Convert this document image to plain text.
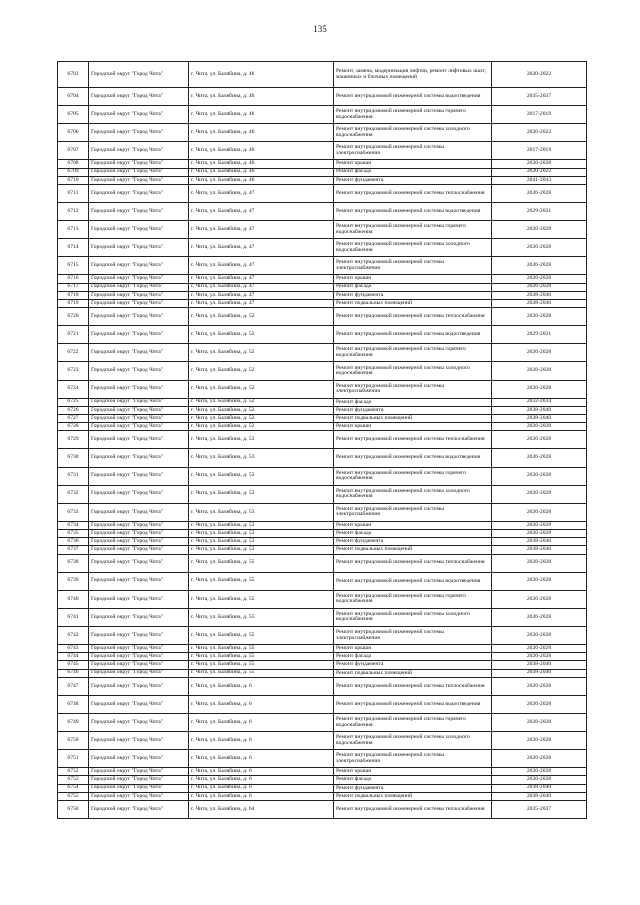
135
6703	Городской округ "Город Чита"	г. Чита, ул. Балябина, д. 46	Ремонт, замена, модернизация лифтов, ремонт лифтовых шахт, машинных и блочных помещений	2020-2022
6704	Городской округ "Город Чита"	г. Чита, ул. Балябина, д. 46	Ремонт внутридомовой инженерной системы водоотведения	2035-2037
6705	Городской округ "Город Чита"	г. Чита, ул. Балябина, д. 46	Ремонт внутридомовой инженерной системы горячего водоснабжения	2017-2019
6706	Городской округ "Город Чита"	г. Чита, ул. Балябина, д. 46	Ремонт внутридомовой инженерной системы холодного водоснабжения	2020-2022
6707	Городской округ "Город Чита"	г. Чита, ул. Балябина, д. 46	Ремонт внутридомовой инженерной системы электроснабжения	2017-2019
6708	Городской округ "Город Чита"	г. Чита, ул. Балябина, д. 46	Ремонт крыши	2026-2028
6709	Городской округ "Город Чита"	г. Чита, ул. Балябина, д. 46	Ремонт фасада	2020-2022
6710	Городской округ "Город Чита"	г. Чита, ул. Балябина, д. 46	Ремонт фундамента	2041-2043
6711	Городской округ "Город Чита"	г. Чита, ул. Балябина, д. 47	Ремонт внутридомовой инженерной системы теплоснабжения	2026-2028
6712	Городской округ "Город Чита"	г. Чита, ул. Балябина, д. 47	Ремонт внутридомовой инженерной системы водоотведения	2029-2031
6713	Городской округ "Город Чита"	г. Чита, ул. Балябина, д. 47	Ремонт внутридомовой инженерной системы горячего водоснабжения	2026-2028
6714	Городской округ "Город Чита"	г. Чита, ул. Балябина, д. 47	Ремонт внутридомовой инженерной системы холодного водоснабжения	2026-2028
6715	Городской округ "Город Чита"	г. Чита, ул. Балябина, д. 47	Ремонт внутридомовой инженерной системы электроснабжения	2026-2028
6716	Городской округ "Город Чита"	г. Чита, ул. Балябина, д. 47	Ремонт крыши	2026-2028
6717	Городской округ "Город Чита"	г. Чита, ул. Балябина, д. 47	Ремонт фасада	2026-2028
6718	Городской округ "Город Чита"	г. Чита, ул. Балябина, д. 47	Ремонт фундамента	2038-2040
6719	Городской округ "Город Чита"	г. Чита, ул. Балябина, д. 47	Ремонт подвальных помещений	2038-2040
6720	Городской округ "Город Чита"	г. Чита, ул. Балябина, д. 52	Ремонт внутридомовой инженерной системы теплоснабжения	2026-2028
6721	Городской округ "Город Чита"	г. Чита, ул. Балябина, д. 52	Ремонт внутридомовой инженерной системы водоотведения	2029-2031
6722	Городской округ "Город Чита"	г. Чита, ул. Балябина, д. 52	Ремонт внутридомовой инженерной системы горячего водоснабжения	2026-2028
6723	Городской округ "Город Чита"	г. Чита, ул. Балябина, д. 52	Ремонт внутридомовой инженерной системы холодного водоснабжения	2026-2028
6724	Городской округ "Город Чита"	г. Чита, ул. Балябина, д. 52	Ремонт внутридомовой инженерной системы электроснабжения	2026-2028
6725	Городской округ "Город Чита"	г. Чита, ул. Балябина, д. 52	Ремонт фасада	2032-2034
6726	Городской округ "Город Чита"	г. Чита, ул. Балябина, д. 52	Ремонт фундамента	2038-2040
6727	Городской округ "Город Чита"	г. Чита, ул. Балябина, д. 52	Ремонт подвальных помещений	2038-2040
6728	Городской округ "Город Чита"	г. Чита, ул. Балябина, д. 52	Ремонт крыши	2026-2028
6729	Городской округ "Город Чита"	г. Чита, ул. Балябина, д. 53	Ремонт внутридомовой инженерной системы теплоснабжения	2026-2028
6730	Городской округ "Город Чита"	г. Чита, ул. Балябина, д. 53	Ремонт внутридомовой инженерной системы водоотведения	2026-2028
6731	Городской округ "Город Чита"	г. Чита, ул. Балябина, д. 53	Ремонт внутридомовой инженерной системы горячего водоснабжения	2026-2028
6732	Городской округ "Город Чита"	г. Чита, ул. Балябина, д. 53	Ремонт внутридомовой инженерной системы холодного водоснабжения	2026-2028
6733	Городской округ "Город Чита"	г. Чита, ул. Балябина, д. 53	Ремонт внутридомовой инженерной системы электроснабжения	2026-2028
6734	Городской округ "Город Чита"	г. Чита, ул. Балябина, д. 53	Ремонт крыши	2026-2028
6735	Городской округ "Город Чита"	г. Чита, ул. Балябина, д. 53	Ремонт фасада	2026-2028
6736	Городской округ "Город Чита"	г. Чита, ул. Балябина, д. 53	Ремонт фундамента	2038-2040
6737	Городской округ "Город Чита"	г. Чита, ул. Балябина, д. 53	Ремонт подвальных помещений	2038-2040
6738	Городской округ "Город Чита"	г. Чита, ул. Балябина, д. 55	Ремонт внутридомовой инженерной системы теплоснабжения	2026-2028
6739	Городской округ "Город Чита"	г. Чита, ул. Балябина, д. 55	Ремонт внутридомовой инженерной системы водоотведения	2026-2028
6740	Городской округ "Город Чита"	г. Чита, ул. Балябина, д. 55	Ремонт внутридомовой инженерной системы горячего водоснабжения	2026-2028
6741	Городской округ "Город Чита"	г. Чита, ул. Балябина, д. 55	Ремонт внутридомовой инженерной системы холодного водоснабжения	2026-2028
6742	Городской округ "Город Чита"	г. Чита, ул. Балябина, д. 55	Ремонт внутридомовой инженерной системы электроснабжения	2026-2028
6743	Городской округ "Город Чита"	г. Чита, ул. Балябина, д. 55	Ремонт крыши	2026-2028
6744	Городской округ "Город Чита"	г. Чита, ул. Балябина, д. 55	Ремонт фасада	2026-2028
6745	Городской округ "Город Чита"	г. Чита, ул. Балябина, д. 55	Ремонт фундамента	2038-2040
6746	Городской округ "Город Чита"	г. Чита, ул. Балябина, д. 55	Ремонт подвальных помещений	2038-2040
6747	Городской округ "Город Чита"	г. Чита, ул. Балябина, д. 6	Ремонт внутридомовой инженерной системы теплоснабжения	2026-2028
6748	Городской округ "Город Чита"	г. Чита, ул. Балябина, д. 6	Ремонт внутридомовой инженерной системы водоотведения	2026-2028
6749	Городской округ "Город Чита"	г. Чита, ул. Балябина, д. 6	Ремонт внутридомовой инженерной системы горячего водоснабжения	2026-2028
6750	Городской округ "Город Чита"	г. Чита, ул. Балябина, д. 6	Ремонт внутридомовой инженерной системы холодного водоснабжения	2026-2028
6751	Городской округ "Город Чита"	г. Чита, ул. Балябина, д. 6	Ремонт внутридомовой инженерной системы электроснабжения	2026-2028
6752	Городской округ "Город Чита"	г. Чита, ул. Балябина, д. 6	Ремонт крыши	2026-2028
6753	Городской округ "Город Чита"	г. Чита, ул. Балябина, д. 6	Ремонт фасада	2026-2028
6754	Городской округ "Город Чита"	г. Чита, ул. Балябина, д. 6	Ремонт фундамента	2038-2040
6755	Городской округ "Город Чита"	г. Чита, ул. Балябина, д. 6	Ремонт подвальных помещений	2038-2040
6756	Городской округ "Город Чита"	г. Чита, ул. Балябина, д. 64	Ремонт внутридомовой инженерной системы теплоснабжения	2035-2037
